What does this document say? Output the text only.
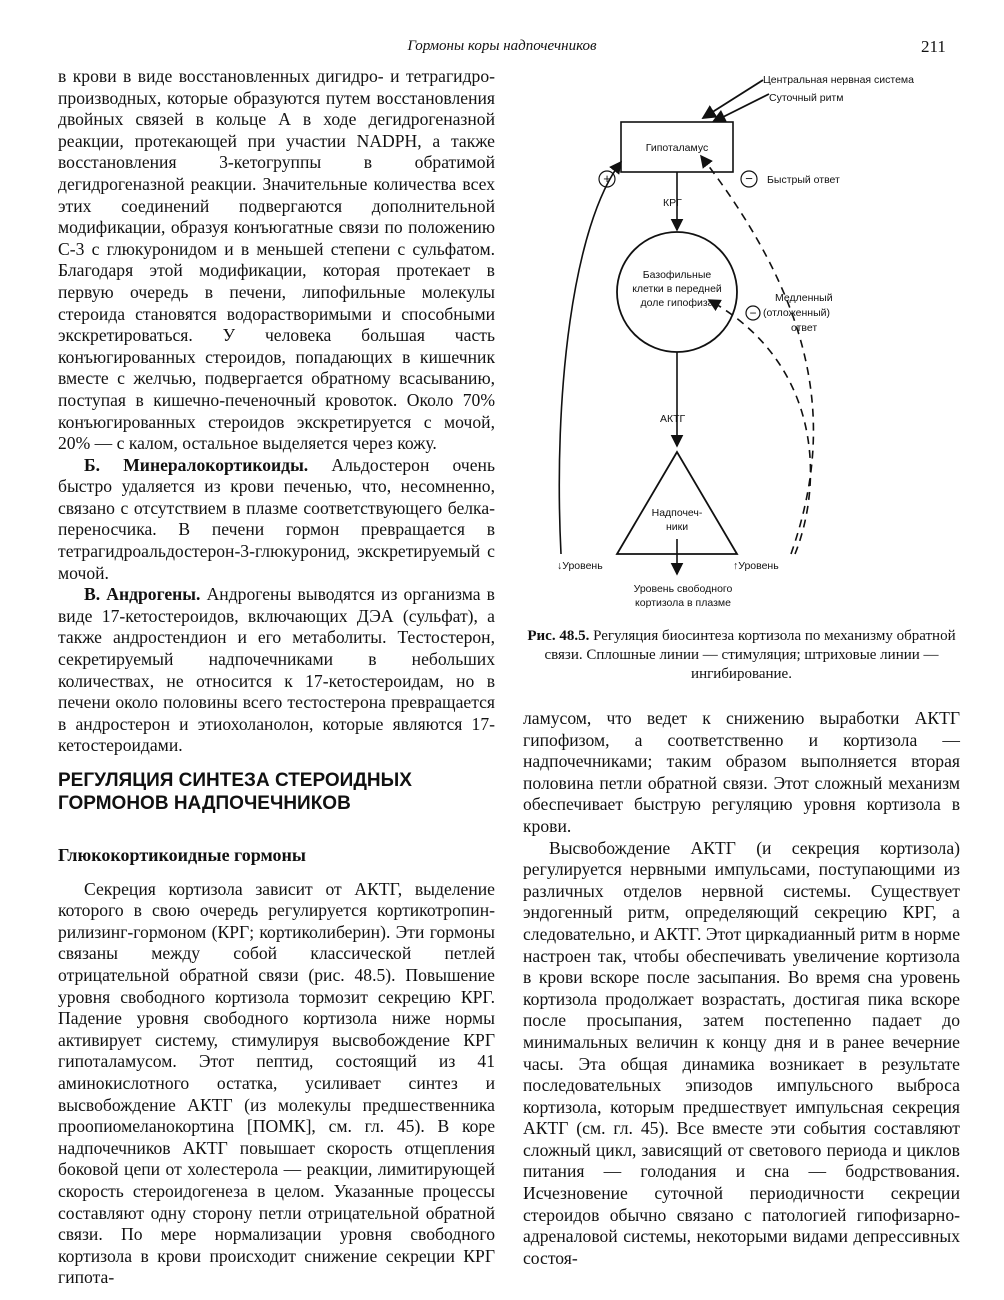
Гормоны коры надпочечников	211

в крови в виде восстановленных дигидро- и тетрагидро-производных, которые образуются путем восстановления двойных связей в кольце А в ходе дегидрогеназной реакции, протекающей при участии NADPH, а также восстановления 3-кетогруппы в обратимой дегидрогеназной реакции. Значительные количества всех этих соединений подвергаются дополнительной модификации, образуя конъюгатные связи по положению С-3 с глюкуронидом и в меньшей степени с сульфатом. Благодаря этой модификации, которая протекает в первую очередь в печени, липофильные молекулы стероида становятся водорастворимыми и способными экскретироваться. У человека большая часть конъюгированных стероидов, попадающих в кишечник вместе с желчью, подвергается обратному всасыванию, поступая в кишечно-печеночный кровоток. Около 70% конъюгированных стероидов экскретируется с мочой, 20% — с калом, остальное выделяется через кожу.

Б. Минералокортикоиды. Альдостерон очень быстро удаляется из крови печенью, что, несомненно, связано с отсутствием в плазме соответствующего белка-переносчика. В печени гормон превращается в тетрагидроальдостерон-3-глюкуронид, экскретируемый с мочой.

В. Андрогены. Андрогены выводятся из организма в виде 17-кетостероидов, включающих ДЭА (сульфат), а также андростендион и его метаболиты. Тестостерон, секретируемый надпочечниками в небольших количествах, не относится к 17-кетостероидам, но в печени около половины всего тестостерона превращается в андростерон и этиохоланолон, которые являются 17-кетостероидами.

РЕГУЛЯЦИЯ СИНТЕЗА СТЕРОИДНЫХ ГОРМОНОВ НАДПОЧЕЧНИКОВ

Глюкокортикоидные гормоны

Секреция кортизола зависит от АКТГ, выделение которого в свою очередь регулируется кортикотропин-рилизинг-гормоном (КРГ; кортиколиберин). Эти гормоны связаны между собой классической петлей отрицательной обратной связи (рис. 48.5). Повышение уровня свободного кортизола тормозит секрецию КРГ. Падение уровня свободного кортизола ниже нормы активирует систему, стимулируя высвобождение КРГ гипоталамусом. Этот пептид, состоящий из 41 аминокислотного остатка, усиливает синтез и высвобождение АКТГ (из молекулы предшественника проопиомеланокортина [ПОМК], см. гл. 45). В коре надпочечников АКТГ повышает скорость отщепления боковой цепи от холестерола — реакции, лимитирующей скорость стероидогенеза в целом. Указанные процессы составляют одну сторону петли отрицательной обратной связи. По мере нормализации уровня свободного кортизола в крови происходит снижение секреции КРГ гипота-

Центральная нервная система
Суточный ритм
Гипоталамус
+	− Быстрый ответ
КРГ
Базофильные
клетки в передней
доле гипофиза
−
Медленный
(отложенный)
ответ
АКТГ
Надпочеч-
ники
Уровень свободного
кортизола в плазме
↓Уровень	↑Уровень
Рис. 48.5. Регуляция биосинтеза кортизола по механизму обратной связи. Сплошные линии — стимуляция; штриховые линии — ингибирование.

ламусом, что ведет к снижению выработки АКТГ гипофизом, а соответственно и кортизола — надпочечниками; таким образом выполняется вторая половина петли обратной связи. Этот сложный механизм обеспечивает быструю регуляцию уровня кортизола в крови.

Высвобождение АКТГ (и секреция кортизола) регулируется нервными импульсами, поступающими из различных отделов нервной системы. Существует эндогенный ритм, определяющий секрецию КРГ, а следовательно, и АКТГ. Этот циркадианный ритм в норме настроен так, чтобы обеспечивать увеличение кортизола в крови вскоре после засыпания. Во время сна уровень кортизола продолжает возрастать, достигая пика вскоре после просыпания, затем постепенно падает до минимальных величин к концу дня и в ранее вечерние часы. Эта общая динамика возникает в результате последовательных эпизодов импульсного выброса кортизола, которым предшествует импульсная секреция АКТГ (см. гл. 45). Все вместе эти события составляют сложный цикл, зависящий от светового периода и циклов питания — голодания и сна — бодрствования. Исчезновение суточной периодичности секреции стероидов обычно связано с патологией гипофизарно-адреналовой системы, некоторыми видами депрессивных состоя-
